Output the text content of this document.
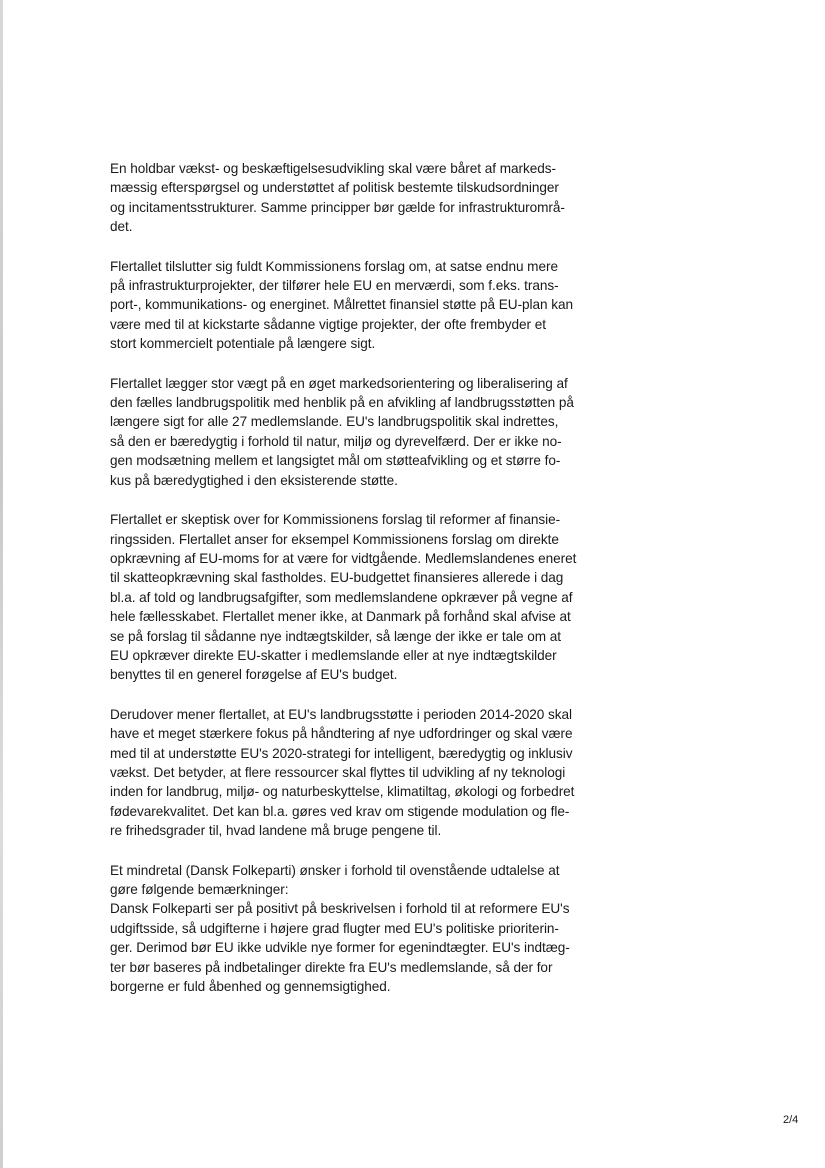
En holdbar vækst- og beskæftigelsesudvikling skal være båret af markeds-
mæssig efterspørgsel og understøttet af politisk bestemte tilskudsordninger
og incitamentsstrukturer. Samme principper bør gælde for infrastrukturområ-
det.

Flertallet tilslutter sig fuldt Kommissionens forslag om, at satse endnu mere
på infrastrukturprojekter, der tilfører hele EU en merværdi, som f.eks. trans-
port-, kommunikations- og energinet. Målrettet finansiel støtte på EU-plan kan
være med til at kickstarte sådanne vigtige projekter, der ofte frembyder et
stort kommercielt potentiale på længere sigt.

Flertallet lægger stor vægt på en øget markedsorientering og liberalisering af
den fælles landbrugspolitik med henblik på en afvikling af landbrugsstøtten på
længere sigt for alle 27 medlemslande. EU's landbrugspolitik skal indrettes,
så den er bæredygtig i forhold til natur, miljø og dyrevelfærd. Der er ikke no-
gen modsætning mellem et langsigtet mål om støtteafvikling og et større fo-
kus på bæredygtighed i den eksisterende støtte.

Flertallet er skeptisk over for Kommissionens forslag til reformer af finansie-
ringssiden. Flertallet anser for eksempel Kommissionens forslag om direkte
opkrævning af EU-moms for at være for vidtgående. Medlemslandenes eneret
til skatteopkrævning skal fastholdes. EU-budgettet finansieres allerede i dag
bl.a. af told og landbrugsafgifter, som medlemslandene opkræver på vegne af
hele fællesskabet. Flertallet mener ikke, at Danmark på forhånd skal afvise at
se på forslag til sådanne nye indtægtskilder, så længe der ikke er tale om at
EU opkræver direkte EU-skatter i medlemslande eller at nye indtægtskilder
benyttes til en generel forøgelse af EU's budget.

Derudover mener flertallet, at EU's landbrugsstøtte i perioden 2014-2020 skal
have et meget stærkere fokus på håndtering af nye udfordringer og skal være
med til at understøtte EU's 2020-strategi for intelligent, bæredygtig og inklusiv
vækst. Det betyder, at flere ressourcer skal flyttes til udvikling af ny teknologi
inden for landbrug, miljø- og naturbeskyttelse, klimatiltag, økologi og forbedret
fødevarekvalitet. Det kan bl.a. gøres ved krav om stigende modulation og fle-
re frihedsgrader til, hvad landene må bruge pengene til.

Et mindretal (Dansk Folkeparti) ønsker i forhold til ovenstående udtalelse at
gøre følgende bemærkninger:
Dansk Folkeparti ser på positivt på beskrivelsen i forhold til at reformere EU's
udgiftsside, så udgifterne i højere grad flugter med EU's politiske prioriterin-
ger. Derimod bør EU ikke udvikle nye former for egenindtægter. EU's indtæg-
ter bør baseres på indbetalinger direkte fra EU's medlemslande, så der for
borgerne er fuld åbenhed og gennemsigtighed.

2/4
